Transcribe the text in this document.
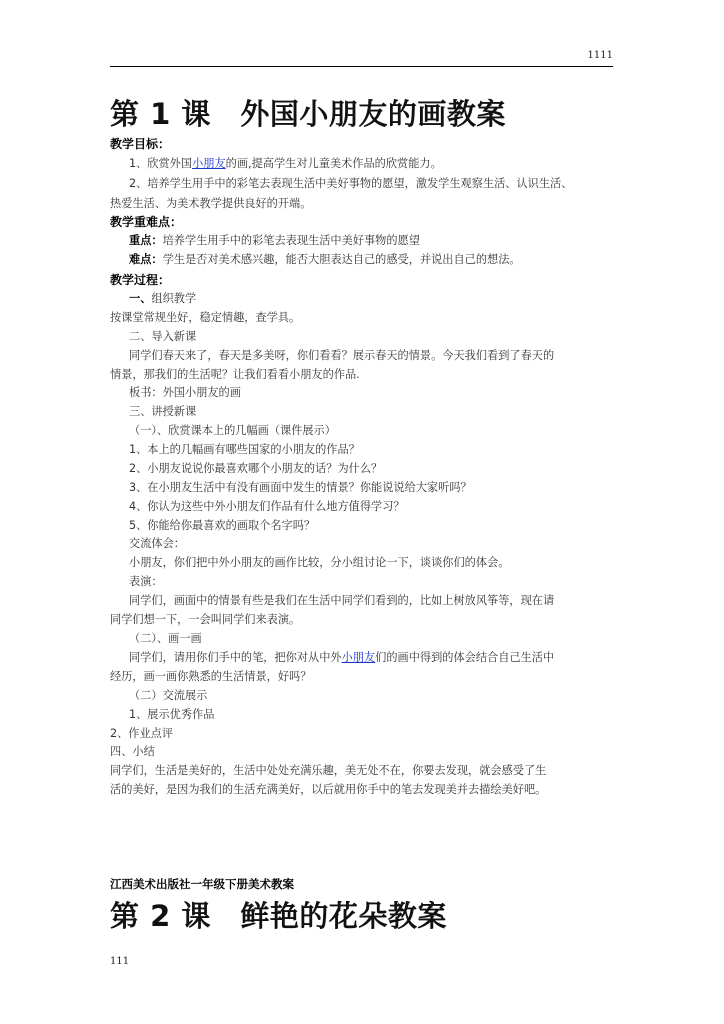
1111
第 1 课　外国小朋友的画教案
教学目标：
1、欣赏外国小朋友的画,提高学生对儿童美术作品的欣赏能力。
2、培养学生用手中的彩笔去表现生活中美好事物的愿望，激发学生观察生活、认识生活、
热爱生活、为美术教学提供良好的开端。
教学重难点：
重点：培养学生用手中的彩笔去表现生活中美好事物的愿望
难点：学生是否对美术感兴趣，能否大胆表达自己的感受，并说出自己的想法。
教学过程：
一、组织教学
按课堂常规坐好，稳定情趣，查学具。
二、导入新课
同学们春天来了，春天是多美呀，你们看看？展示春天的情景。今天我们看到了春天的
情景，那我们的生活呢？让我们看看小朋友的作品.
板书：外国小朋友的画
三、讲授新课
（一）、欣赏课本上的几幅画（课件展示）
1、本上的几幅画有哪些国家的小朋友的作品？
2、小朋友说说你最喜欢哪个小朋友的话？为什么？
3、在小朋友生活中有没有画面中发生的情景？你能说说给大家听吗？
4、你认为这些中外小朋友们作品有什么地方值得学习？
5、你能给你最喜欢的画取个名字吗？
交流体会：
小朋友，你们把中外小朋友的画作比较，分小组讨论一下，谈谈你们的体会。
表演：
同学们，画面中的情景有些是我们在生活中同学们看到的，比如上树放风筝等，现在请
同学们想一下，一会叫同学们来表演。
（二）、画一画
同学们，请用你们手中的笔，把你对从中外小朋友们的画中得到的体会结合自己生活中
经历，画一画你熟悉的生活情景，好吗？
（二）交流展示
1、展示优秀作品
2、作业点评
四、小结
同学们，生活是美好的，生活中处处充满乐趣，美无处不在，你要去发现，就会感受了生
活的美好，是因为我们的生活充满美好，以后就用你手中的笔去发现美并去描绘美好吧。
江西美术出版社一年级下册美术教案
第 2 课　鲜艳的花朵教案
111
